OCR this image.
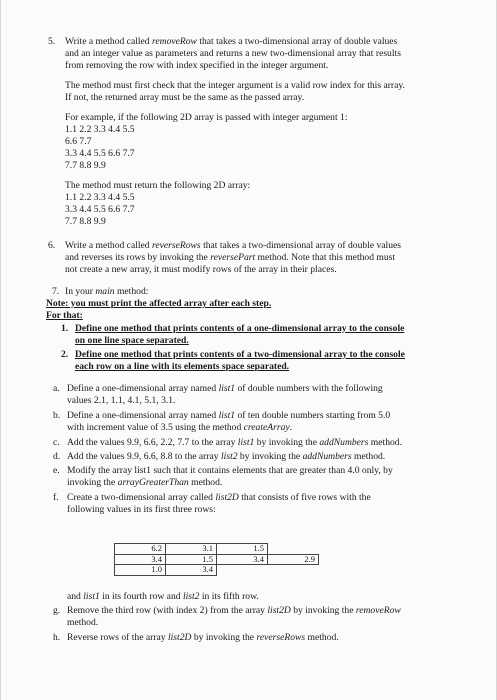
5. Write a method called removeRow that takes a two-dimensional array of double values
and an integer value as parameters and returns a new two-dimensional array that results
from removing the row with index specified in the integer argument.
The method must first check that the integer argument is a valid row index for this array.
If not, the returned array must be the same as the passed array.
For example, if the following 2D array is passed with integer argument 1:
1.1 2.2 3.3 4.4 5.5
6.6 7.7
3.3 4.4 5.5 6.6 7.7
7.7 8.8 9.9
The method must return the following 2D array:
1.1 2.2 3.3 4.4 5.5
3.3 4.4 5.5 6.6 7.7
7.7 8.8 9.9
6. Write a method called reverseRows that takes a two-dimensional array of double values
and reverses its rows by invoking the reversePart method. Note that this method must
not create a new array, it must modify rows of the array in their places.
7. In your main method:
Note: you must print the affected array after each step.
For that:
1. Define one method that prints contents of a one-dimensional array to the console
on one line space separated.
2. Define one method that prints contents of a two-dimensional array to the console
each row on a line with its elements space separated.
a. Define a one-dimensional array named list1 of double numbers with the following
values 2.1, 1.1, 4.1, 5.1, 3.1.
b. Define a one-dimensional array named list1 of ten double numbers starting from 5.0
with increment value of 3.5 using the method createArray.
c. Add the values 9.9, 6.6, 2.2, 7.7 to the array list1 by invoking the addNumbers method.
d. Add the values 9.9, 6.6, 8.8 to the array list2 by invoking the addNumbers method.
e. Modify the array list1 such that it contains elements that are greater than 4.0 only, by
invoking the arrayGreaterThan method.
f. Create a two-dimensional array called list2D that consists of five rows with the
following values in its first three rows:
6.2	3.1	1.5	
3.4	1.5	3.4	2.9
1.0	3.4		
and list1 in its fourth row and list2 in its fifth row.
g. Remove the third row (with index 2) from the array list2D by invoking the removeRow
method.
h. Reverse rows of the array list2D by invoking the reverseRows method.
